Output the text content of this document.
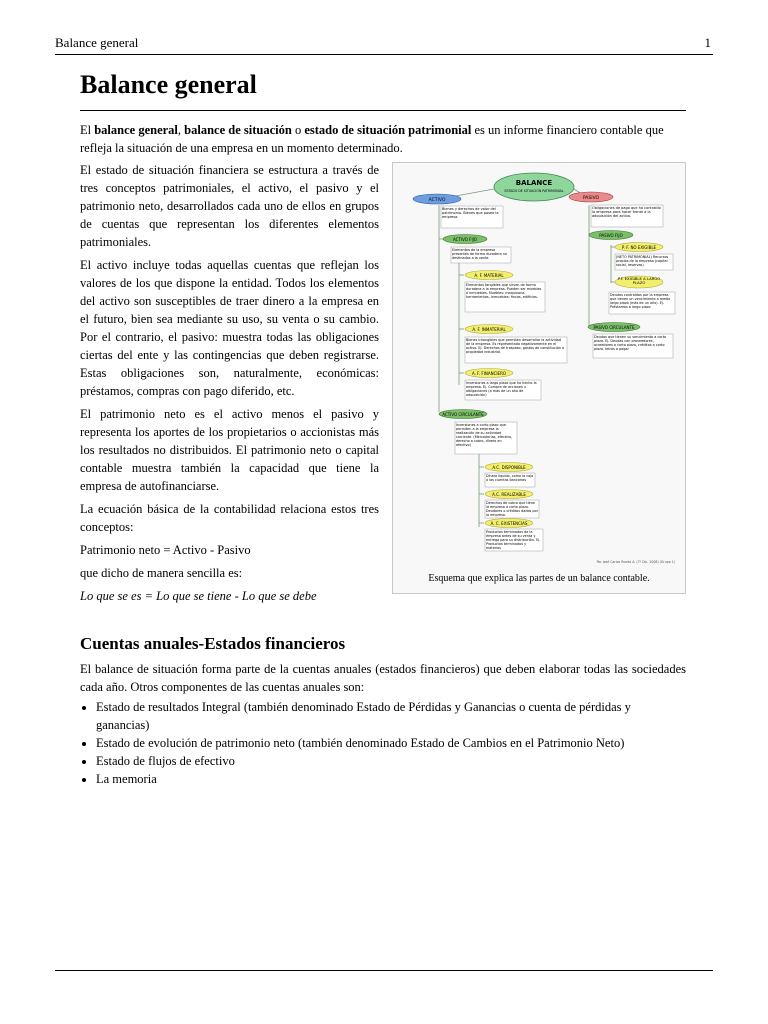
Balance general	1
Balance general

El balance general, balance de situación o estado de situación patrimonial es un informe financiero contable que refleja la situación de una empresa en un momento determinado.

El estado de situación financiera se estructura a través de tres conceptos patrimoniales, el activo, el pasivo y el patrimonio neto, desarrollados cada uno de ellos en grupos de cuentas que representan los diferentes elementos patrimoniales.

El activo incluye todas aquellas cuentas que reflejan los valores de los que dispone la entidad. Todos los elementos del activo son susceptibles de traer dinero a la empresa en el futuro, bien sea mediante su uso, su venta o su cambio. Por el contrario, el pasivo: muestra todas las obligaciones ciertas del ente y las contingencias que deben registrarse. Estas obligaciones son, naturalmente, económicas: préstamos, compras con pago diferido, etc.

El patrimonio neto es el activo menos el pasivo y representa los aportes de los propietarios o accionistas más los resultados no distribuidos. El patrimonio neto o capital contable muestra también la capacidad que tiene la empresa de autofinanciarse.

La ecuación básica de la contabilidad relaciona estos tres conceptos:

Patrimonio neto = Activo - Pasivo

que dicho de manera sencilla es:

Lo que se es = Lo que se tiene - Lo que se debe

BALANCE
ESTADO DE SITUACIÓN PATRIMONIAL
ACTIVO	PASIVO
Bienes y derechos de valor del patrimonio. Bienes que posee la empresa.
Obligaciones de pago que ha contraído la empresa para hacer frente a la adquisición del activo.
ACTIVO FIJO
Elementos de la empresa presentes de forma duradera no destinados a la venta
A. F. MATERIAL
Elementos tangibles que sirven de forma duradera a la empresa. Pueden ser muebles o inmuebles. Muebles: maquinaria, herramientas. Inmuebles: fincas, edificios.
A. F. INMATERIAL
Bienes intangibles que permiten desarrollar la actividad de la empresa. Es representado negativamente en el activo. Ej. Derechos de traspaso, gastos de constitución o propiedad industrial.
A. F. FINANCIERO
Inversiones a largo plazo que ha hecho la empresa. Ej. Compra de acciones u obligaciones (a más de un año de adquisición)
ACTIVO CIRCULANTE
Inversiones a corto plazo que permiten a la empresa la realización de su actividad corriente. (Mercaderías, efectivo, derecho a cobro, dinero en efectivo)
A.C. DISPONIBLE
Dinero líquido, como la caja o las cuentas bancarias
A.C. REALIZABLE
Derechos de cobro que tiene la empresa a corto plazo. Deudores o créditos dados por la empresa.
A. C. EXISTENCIAS
Productos terminados de la empresa antes de su venta y entrega para su distribución. Ej. Productos terminados y materias
PASIVO FIJO
P. F. NO EXIGIBLE
(NETO PATRIMONIAL) Recursos propios de la empresa (capital social, reservas)
P.F. EXIGIBLE A LARGO PLAZO
Deudas contraídas por la empresa que tienen un vencimiento a medio largo plazo (más de un año). Ej. Préstamos a largo plazo
PASIVO CIRCULANTE
Deudas que tienen su vencimiento a corto plazo. Ej. Deudas con proveedores, acreedores a corto plazo, créditos a corto plazo, letras a pagar
Por José Carlos Rueda A. (7º Dic. 2008) (Grupo 1)
Esquema que explica las partes de un balance contable.
Cuentas anuales-Estados financieros

El balance de situación forma parte de la cuentas anuales (estados financieros) que deben elaborar todas las sociedades cada año. Otros componentes de las cuentas anuales son:

• Estado de resultados Integral (también denominado Estado de Pérdidas y Ganancias o cuenta de pérdidas y ganancias)
• Estado de evolución de patrimonio neto (también denominado Estado de Cambios en el Patrimonio Neto)
• Estado de flujos de efectivo
• La memoria
